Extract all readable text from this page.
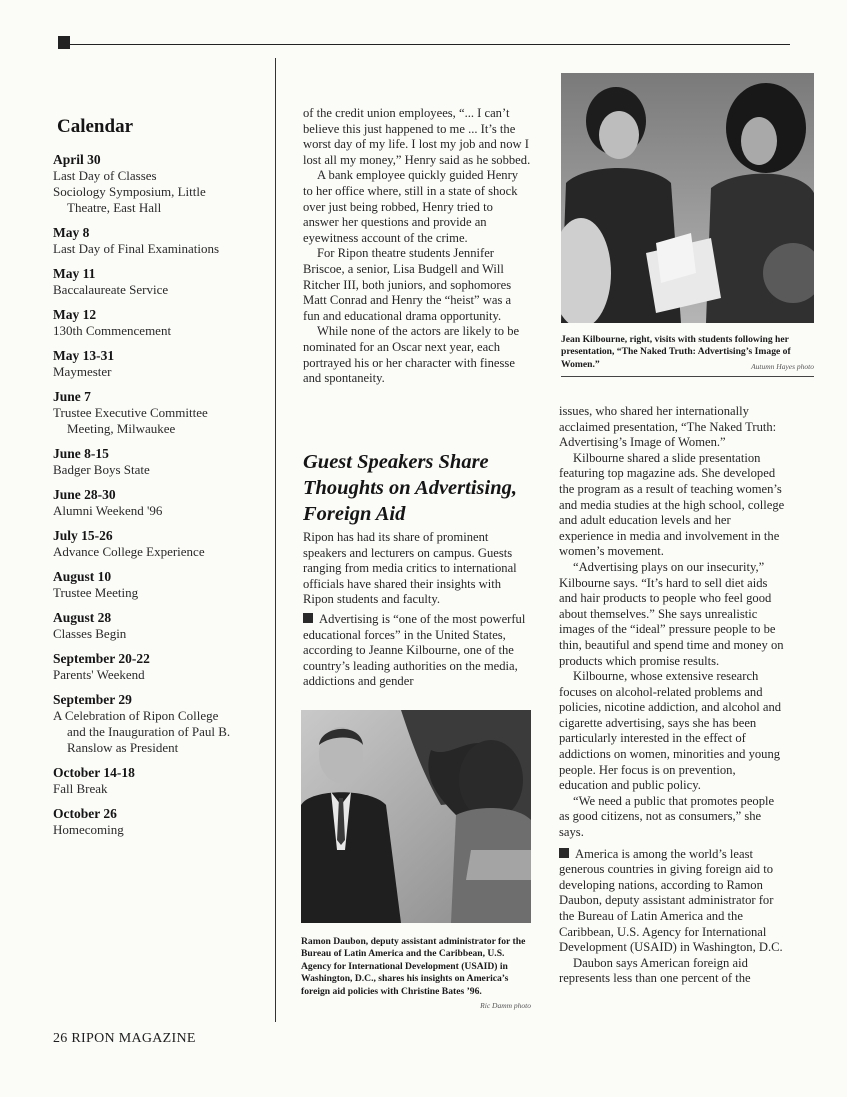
Calendar
April 30
Last Day of Classes
Sociology Symposium, Little
Theatre, East Hall
May 8
Last Day of Final Examinations
May 11
Baccalaureate Service
May 12
130th Commencement
May 13-31
Maymester
June 7
Trustee Executive Committee
Meeting, Milwaukee
June 8-15
Badger Boys State
June 28-30
Alumni Weekend '96
July 15-26
Advance College Experience
August 10
Trustee Meeting
August 28
Classes Begin
September 20-22
Parents' Weekend
September 29
A Celebration of Ripon College
and the Inauguration of Paul B.
Ranslow as President
October 14-18
Fall Break
October 26
Homecoming

of the credit union employees, “... I can’t believe this just happened to me ... It’s the worst day of my life. I lost my job and now I lost all my money,” Henry said as he sobbed.

A bank employee quickly guided Henry to her office where, still in a state of shock over just being robbed, Henry tried to answer her questions and provide an eyewitness account of the crime.

For Ripon theatre students Jennifer Briscoe, a senior, Lisa Budgell and Will Ritcher III, both juniors, and sophomores Matt Conrad and Henry the “heist” was a fun and educational drama opportunity.

While none of the actors are likely to be nominated for an Oscar next year, each portrayed his or her character with finesse and spontaneity.

Guest Speakers Share Thoughts on Advertising, Foreign Aid

Ripon has had its share of prominent speakers and lecturers on campus. Guests ranging from media critics to international officials have shared their insights with Ripon students and faculty.

Advertising is “one of the most powerful educational forces” in the United States, according to Jeanne Kilbourne, one of the country’s leading authorities on the media, addictions and gender

Ramon Daubon, deputy assistant administrator for the Bureau of Latin America and the Caribbean, U.S. Agency for International Development (USAID) in Washington, D.C., shares his insights on America’s foreign aid policies with Christine Bates ’96.
Ric Damm photo
Jean Kilbourne, right, visits with students following her presentation, “The Naked Truth: Advertising’s Image of Women.”	Autumn Hayes photo

issues, who shared her internationally acclaimed presentation, “The Naked Truth: Advertising’s Image of Women.”

Kilbourne shared a slide presentation featuring top magazine ads. She developed the program as a result of teaching women’s and media studies at the high school, college and adult education levels and her experience in media and involvement in the women’s movement.

“Advertising plays on our insecurity,” Kilbourne says. “It’s hard to sell diet aids and hair products to people who feel good about themselves.” She says unrealistic images of the “ideal” pressure people to be thin, beautiful and spend time and money on products which promise results.

Kilbourne, whose extensive research focuses on alcohol-related problems and policies, nicotine addiction, and alcohol and cigarette advertising, says she has been particularly interested in the effect of addictions on women, minorities and young people. Her focus is on prevention, education and public policy.

“We need a public that promotes people as good citizens, not as consumers,” she says.

America is among the world’s least generous countries in giving foreign aid to developing nations, according to Ramon Daubon, deputy assistant administrator for the Bureau of Latin America and the Caribbean, U.S. Agency for International Development (USAID) in Washington, D.C.

Daubon says American foreign aid represents less than one percent of the

26 RIPON MAGAZINE
